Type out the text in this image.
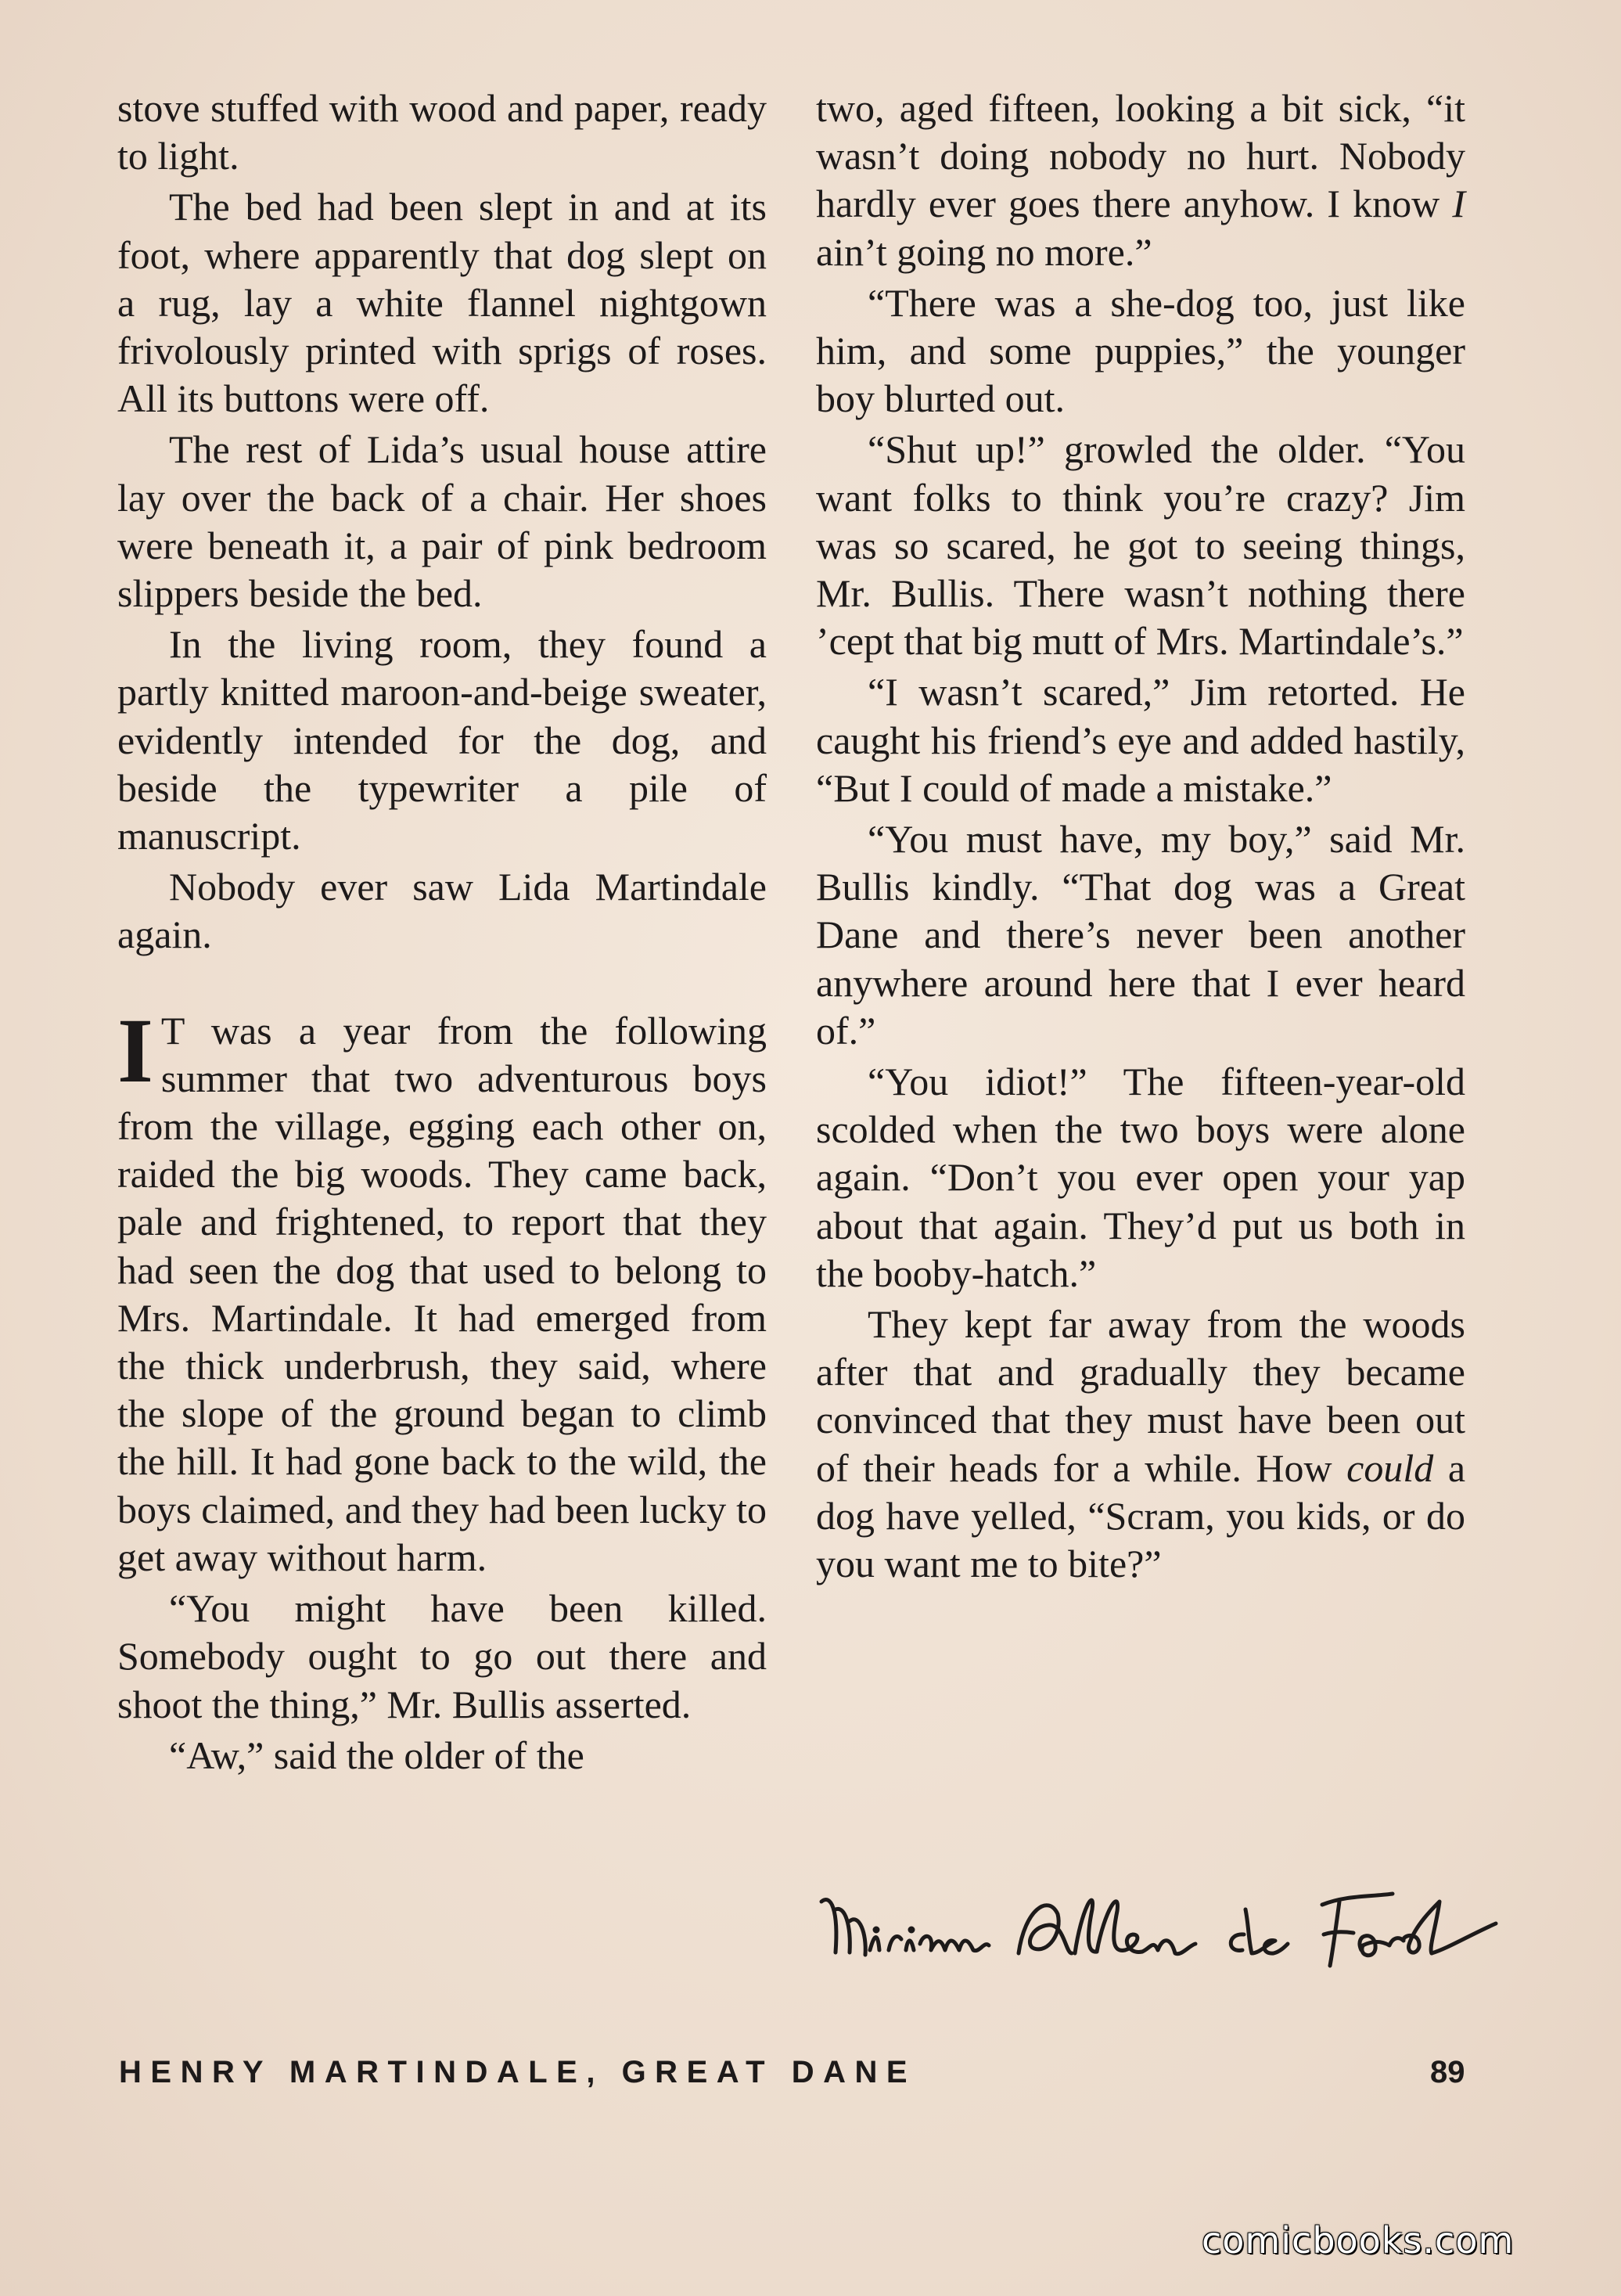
stove stuffed with wood and paper, ready to light.

The bed had been slept in and at its foot, where apparently that dog slept on a rug, lay a white flannel nightgown frivolously printed with sprigs of roses. All its buttons were off.

The rest of Lida’s usual house attire lay over the back of a chair. Her shoes were beneath it, a pair of pink bedroom slippers beside the bed.

In the living room, they found a partly knitted maroon-and-beige sweater, evidently intended for the dog, and beside the typewriter a pile of manuscript.

Nobody ever saw Lida Martindale again.

I T was a year from the following summer that two adventurous boys from the village, egging each other on, raided the big woods. They came back, pale and frightened, to report that they had seen the dog that used to belong to Mrs. Martindale. It had emerged from the thick underbrush, they said, where the slope of the ground began to climb the hill. It had gone back to the wild, the boys claimed, and they had been lucky to get away without harm.

“You might have been killed. Somebody ought to go out there and shoot the thing,” Mr. Bullis asserted.

“Aw,” said the older of the

two, aged fifteen, looking a bit sick, “it wasn’t doing nobody no hurt. Nobody hardly ever goes there anyhow. I know I ain’t going no more.”

“There was a she-dog too, just like him, and some puppies,” the younger boy blurted out.

“Shut up!” growled the older. “You want folks to think you’re crazy? Jim was so scared, he got to seeing things, Mr. Bullis. There wasn’t nothing there ’cept that big mutt of Mrs. Martindale’s.”

“I wasn’t scared,” Jim retorted. He caught his friend’s eye and added hastily, “But I could of made a mistake.”

“You must have, my boy,” said Mr. Bullis kindly. “That dog was a Great Dane and there’s never been another anywhere around here that I ever heard of.”

“You idiot!” The fifteen-year-old scolded when the two boys were alone again. “Don’t you ever open your yap about that again. They’d put us both in the booby-hatch.”

They kept far away from the woods after that and gradually they became convinced that they must have been out of their heads for a while. How could a dog have yelled, “Scram, you kids, or do you want me to bite?”

HENRY MARTINDALE, GREAT DANE	89
comicbooks.com
